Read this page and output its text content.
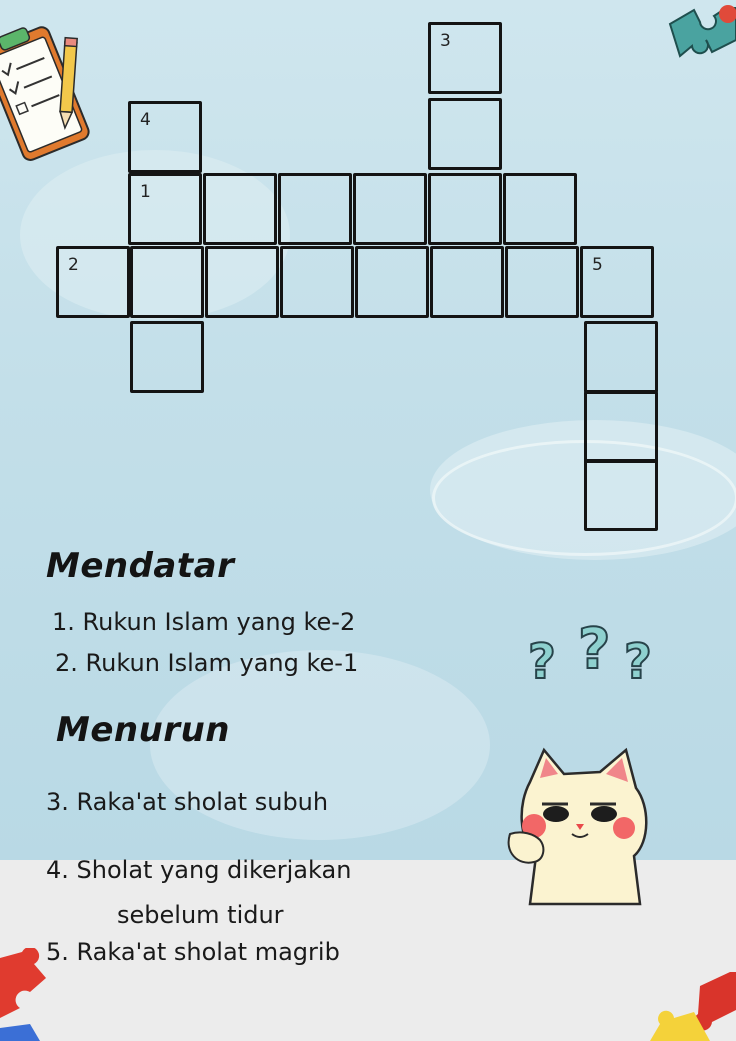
3
4
1
2	5
Mendatar
1. Rukun Islam yang ke-2
2. Rukun Islam yang ke-1
Menurun
3. Raka'at sholat subuh
4. Sholat yang dikerjakan
sebelum tidur
5. Raka'at sholat magrib
? ? ?
